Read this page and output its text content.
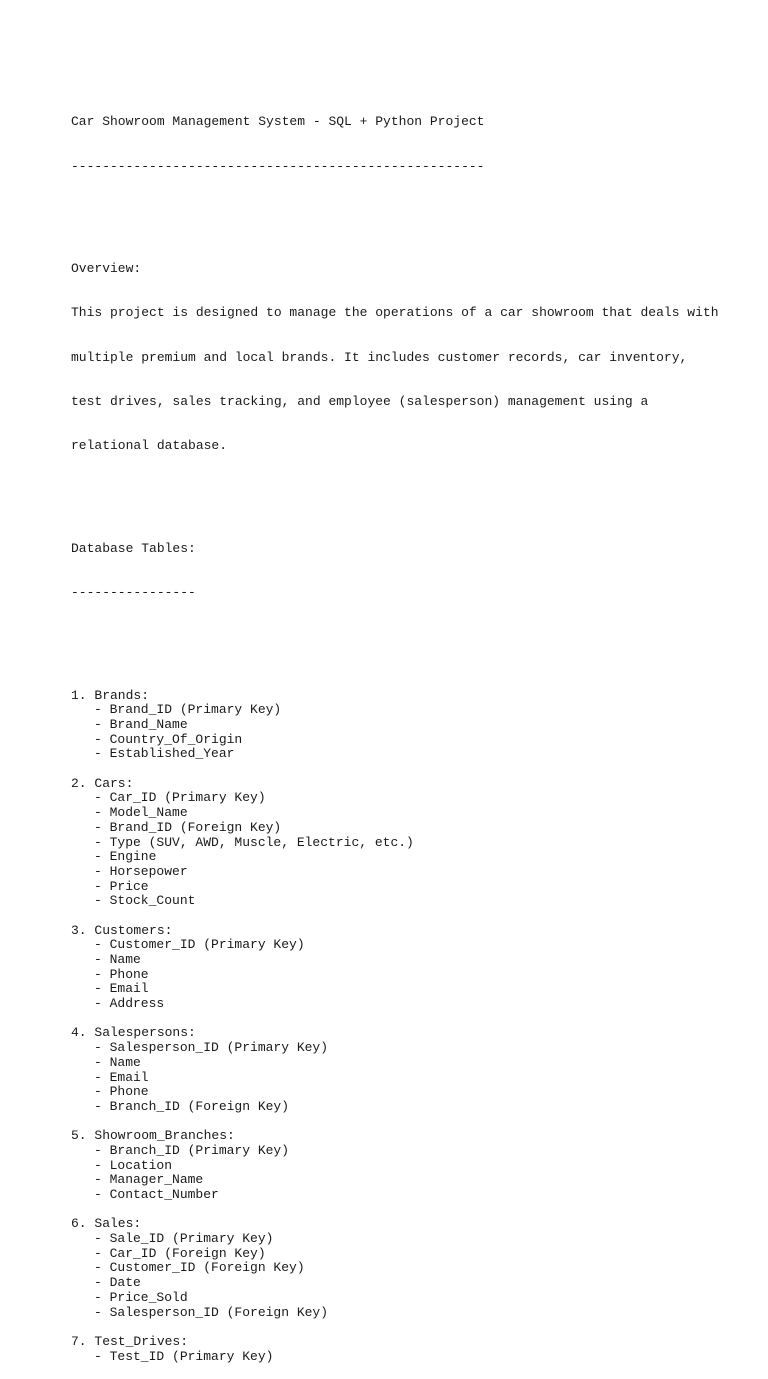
Car Showroom Management System - SQL + Python Project

-----------------------------------------------------

Overview:

This project is designed to manage the operations of a car showroom that deals with

multiple premium and local brands. It includes customer records, car inventory,

test drives, sales tracking, and employee (salesperson) management using a

relational database.

Database Tables:

----------------

1. Brands:
- Brand_ID (Primary Key)
- Brand_Name
- Country_Of_Origin
- Established_Year
2. Cars:
- Car_ID (Primary Key)
- Model_Name
- Brand_ID (Foreign Key)
- Type (SUV, AWD, Muscle, Electric, etc.)
- Engine
- Horsepower
- Price
- Stock_Count
3. Customers:
- Customer_ID (Primary Key)
- Name
- Phone
- Email
- Address
4. Salespersons:
- Salesperson_ID (Primary Key)
- Name
- Email
- Phone
- Branch_ID (Foreign Key)
5. Showroom_Branches:
- Branch_ID (Primary Key)
- Location
- Manager_Name
- Contact_Number
6. Sales:
- Sale_ID (Primary Key)
- Car_ID (Foreign Key)
- Customer_ID (Foreign Key)
- Date
- Price_Sold
- Salesperson_ID (Foreign Key)
7. Test_Drives:
- Test_ID (Primary Key)
